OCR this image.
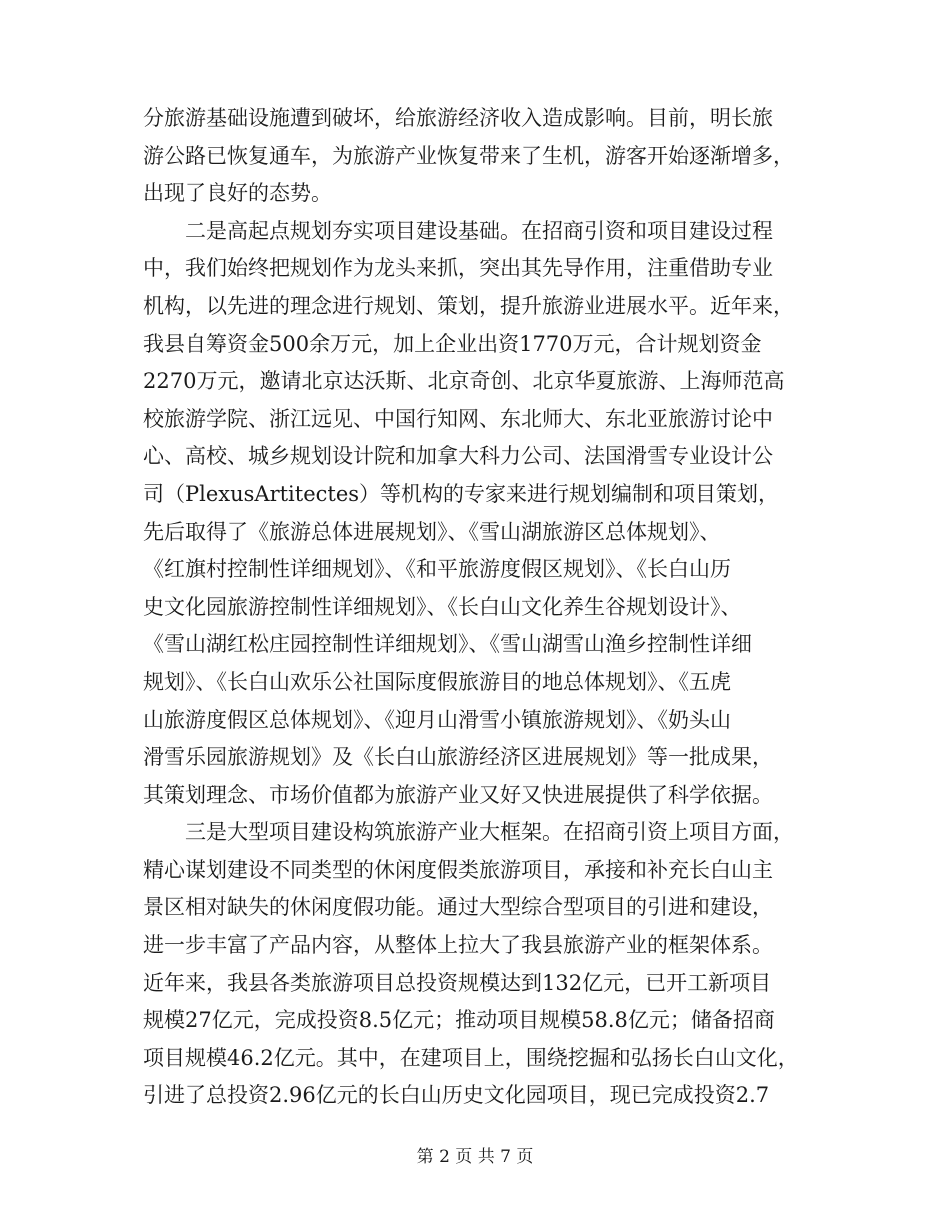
分旅游基础设施遭到破坏，给旅游经济收入造成影响。目前，明长旅
游公路已恢复通车，为旅游产业恢复带来了生机，游客开始逐渐增多，
出现了良好的态势。
二是高起点规划夯实项目建设基础。在招商引资和项目建设过程
中，我们始终把规划作为龙头来抓，突出其先导作用，注重借助专业
机构，以先进的理念进行规划、策划，提升旅游业进展水平。近年来，
我县自筹资金500余万元，加上企业出资1770万元，合计规划资金
2270万元，邀请北京达沃斯、北京奇创、北京华夏旅游、上海师范高
校旅游学院、浙江远见、中国行知网、东北师大、东北亚旅游讨论中
心、高校、城乡规划设计院和加拿大科力公司、法国滑雪专业设计公
司（PlexusArtitectes）等机构的专家来进行规划编制和项目策划，
先后取得了《旅游总体进展规划》、《雪山湖旅游区总体规划》、
《红旗村控制性详细规划》、《和平旅游度假区规划》、《长白山历
史文化园旅游控制性详细规划》、《长白山文化养生谷规划设计》、
《雪山湖红松庄园控制性详细规划》、《雪山湖雪山渔乡控制性详细
规划》、《长白山欢乐公社国际度假旅游目的地总体规划》、《五虎
山旅游度假区总体规划》、《迎月山滑雪小镇旅游规划》、《奶头山
滑雪乐园旅游规划》及《长白山旅游经济区进展规划》等一批成果，
其策划理念、市场价值都为旅游产业又好又快进展提供了科学依据。
三是大型项目建设构筑旅游产业大框架。在招商引资上项目方面，
精心谋划建设不同类型的休闲度假类旅游项目，承接和补充长白山主
景区相对缺失的休闲度假功能。通过大型综合型项目的引进和建设，
进一步丰富了产品内容，从整体上拉大了我县旅游产业的框架体系。
近年来，我县各类旅游项目总投资规模达到132亿元，已开工新项目
规模27亿元，完成投资8.5亿元；推动项目规模58.8亿元；储备招商
项目规模46.2亿元。其中，在建项目上，围绕挖掘和弘扬长白山文化，
引进了总投资2.96亿元的长白山历史文化园项目，现已完成投资2.7
第 2 页 共 7 页
